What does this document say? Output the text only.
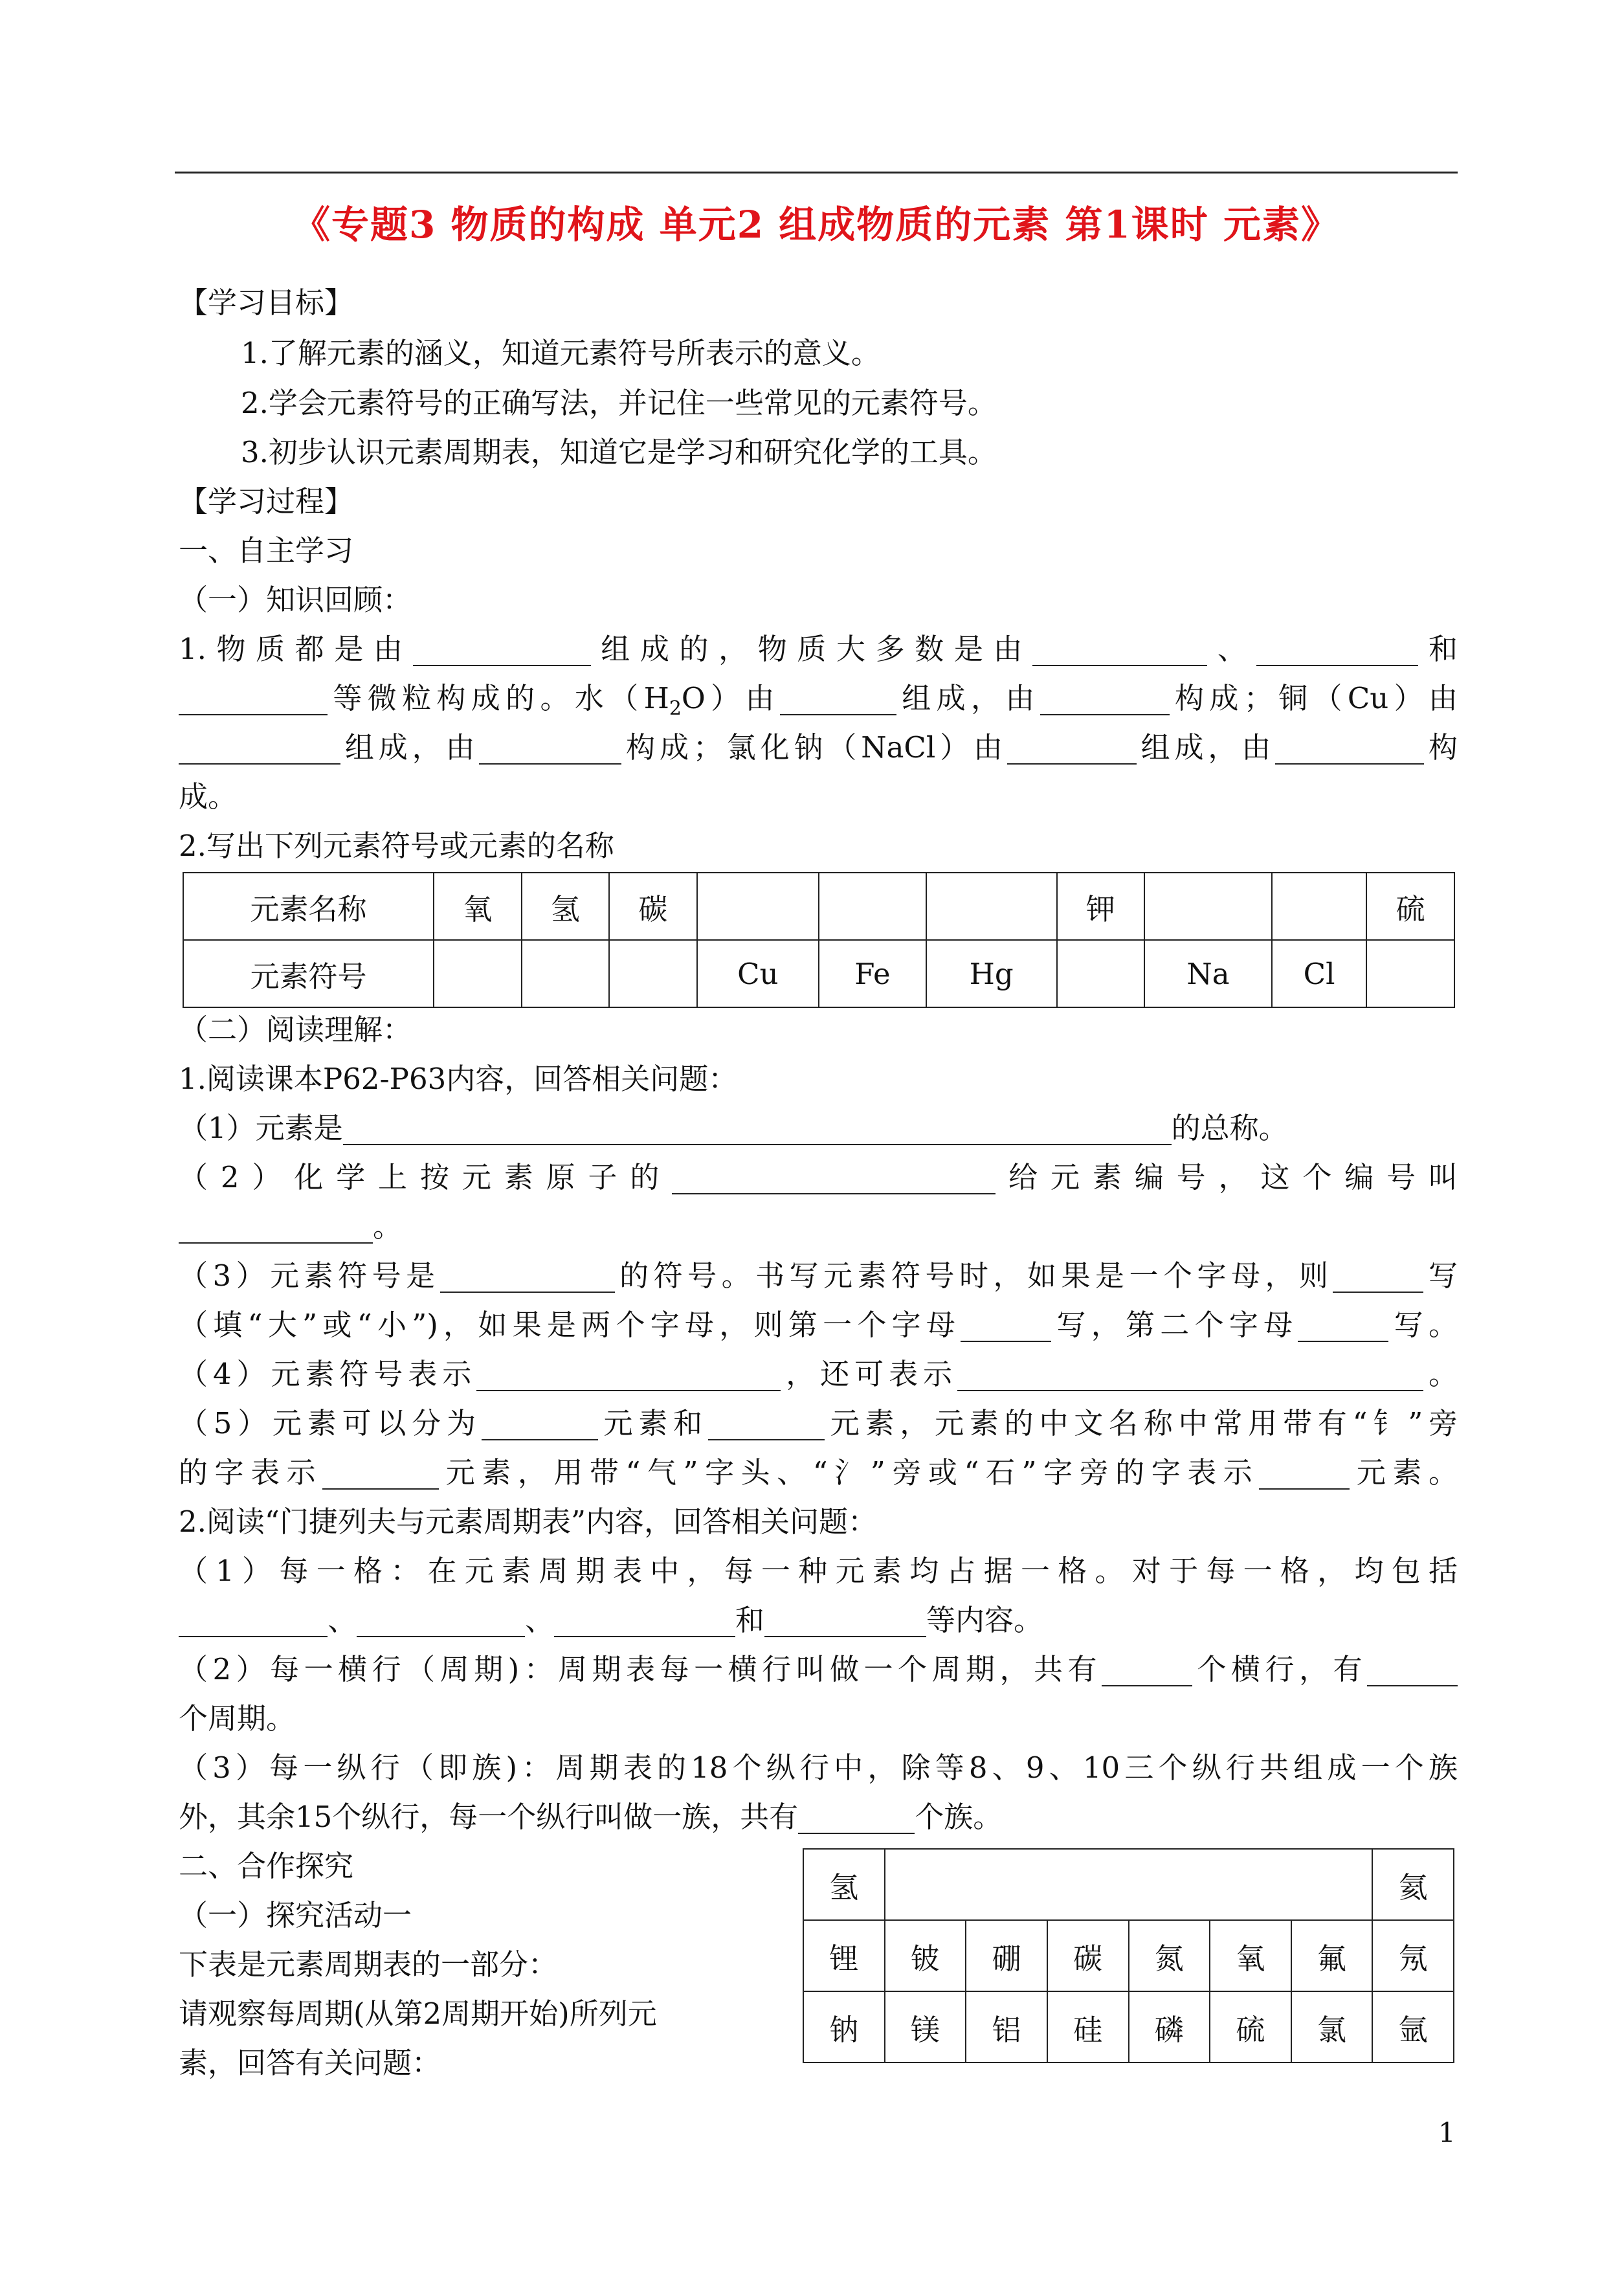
《专题3 物质的构成 单元2 组成物质的元素 第1课时 元素》
【学习目标】
1.了解元素的涵义，知道元素符号所表示的意义。
2.学会元素符号的正确写法，并记住一些常见的元素符号。
3.初步认识元素周期表，知道它是学习和研究化学的工具。
【学习过程】
一、自主学习
（一）知识回顾：
1.物质都是由	组成的，物质大多数是由	、	和
等微粒构成的。水$(H_2O)$由	组成，由	构成；铜（Cu）由
组成，由	构成；氯化钠（NaCl）由	组成，由	构
成。
2.写出下列元素符号或元素的名称
元素名称	氧	氢	碳				钾			硫
元素符号				Cu	Fe	Hg		Na	Cl	
（二）阅读理解：
1.阅读课本P62-P63内容，回答相关问题：
（1）元素是	的总称。
（2）化学上按元素原子的	给元素编号，这个编号叫
。
（3）元素符号是	的符号。书写元素符号时，如果是一个字母，则	写
（填“大”或“小”)，如果是两个字母，则第一个字母	写，第二个字母	写。
（4）元素符号表示	，还可表示	。
（5）元素可以分为	元素和	元素，元素的中文名称中常用带有“钅”旁
的字表示	元素，用带“气”字头、“氵”旁或“石”字旁的字表示	元素。
2.阅读“门捷列夫与元素周期表”内容，回答相关问题：
（1）每一格：在元素周期表中，每一种元素均占据一格。对于每一格，均包括
、	、	和	等内容。
（2）每一横行（周期)：周期表每一横行叫做一个周期，共有	个横行，有
个周期。
（3）每一纵行（即族)：周期表的18个纵行中，除等8、9、10三个纵行共组成一个族
外，其余15个纵行，每一个纵行叫做一族，共有	个族。
二、合作探究
（一）探究活动一
下表是元素周期表的一部分：
请观察每周期(从第2周期开始)所列元
素，回答有关问题：
氢							氦
锂	铍	硼	碳	氮	氧	氟	氖
钠	镁	铝	硅	磷	硫	氯	氩
1
